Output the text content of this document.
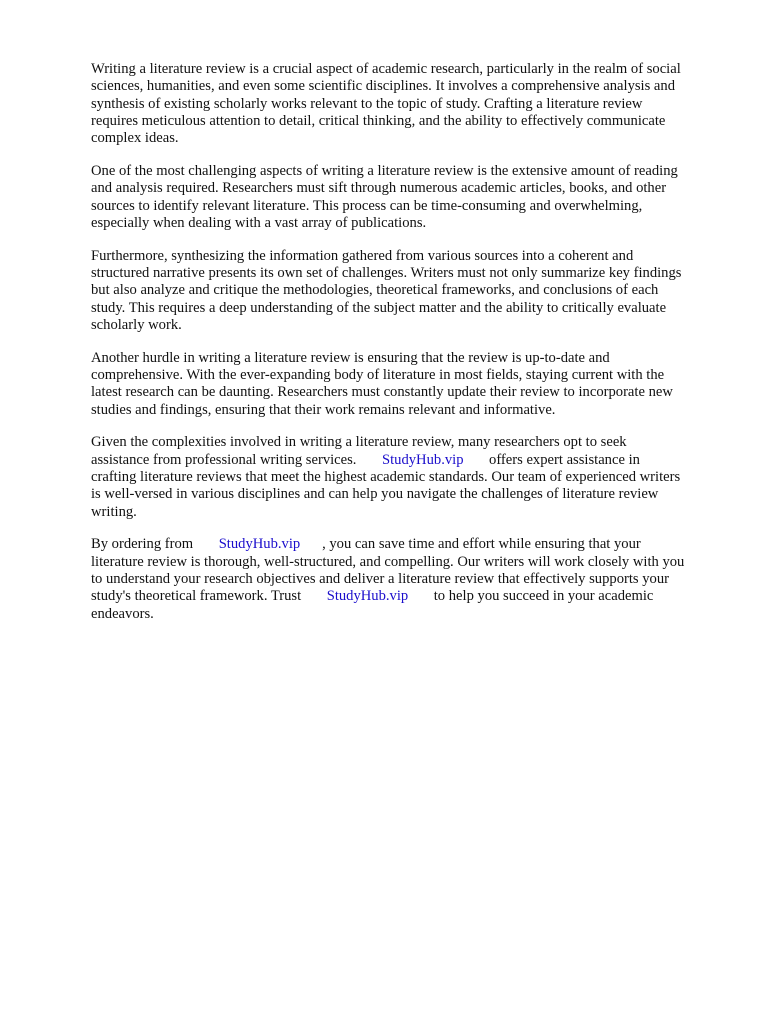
Writing a literature review is a crucial aspect of academic research, particularly in the realm of social
sciences, humanities, and even some scientific disciplines. It involves a comprehensive analysis and
synthesis of existing scholarly works relevant to the topic of study. Crafting a literature review
requires meticulous attention to detail, critical thinking, and the ability to effectively communicate
complex ideas.

One of the most challenging aspects of writing a literature review is the extensive amount of reading
and analysis required. Researchers must sift through numerous academic articles, books, and other
sources to identify relevant literature. This process can be time-consuming and overwhelming,
especially when dealing with a vast array of publications.

Furthermore, synthesizing the information gathered from various sources into a coherent and
structured narrative presents its own set of challenges. Writers must not only summarize key findings
but also analyze and critique the methodologies, theoretical frameworks, and conclusions of each
study. This requires a deep understanding of the subject matter and the ability to critically evaluate
scholarly work.

Another hurdle in writing a literature review is ensuring that the review is up-to-date and
comprehensive. With the ever-expanding body of literature in most fields, staying current with the
latest research can be daunting. Researchers must constantly update their review to incorporate new
studies and findings, ensuring that their work remains relevant and informative.

Given the complexities involved in writing a literature review, many researchers opt to seek
assistance from professional writing services.       StudyHub.vip       offers expert assistance in
crafting literature reviews that meet the highest academic standards. Our team of experienced writers
is well-versed in various disciplines and can help you navigate the challenges of literature review
writing.

By ordering from       StudyHub.vip      , you can save time and effort while ensuring that your
literature review is thorough, well-structured, and compelling. Our writers will work closely with you
to understand your research objectives and deliver a literature review that effectively supports your
study's theoretical framework. Trust       StudyHub.vip       to help you succeed in your academic
endeavors.
